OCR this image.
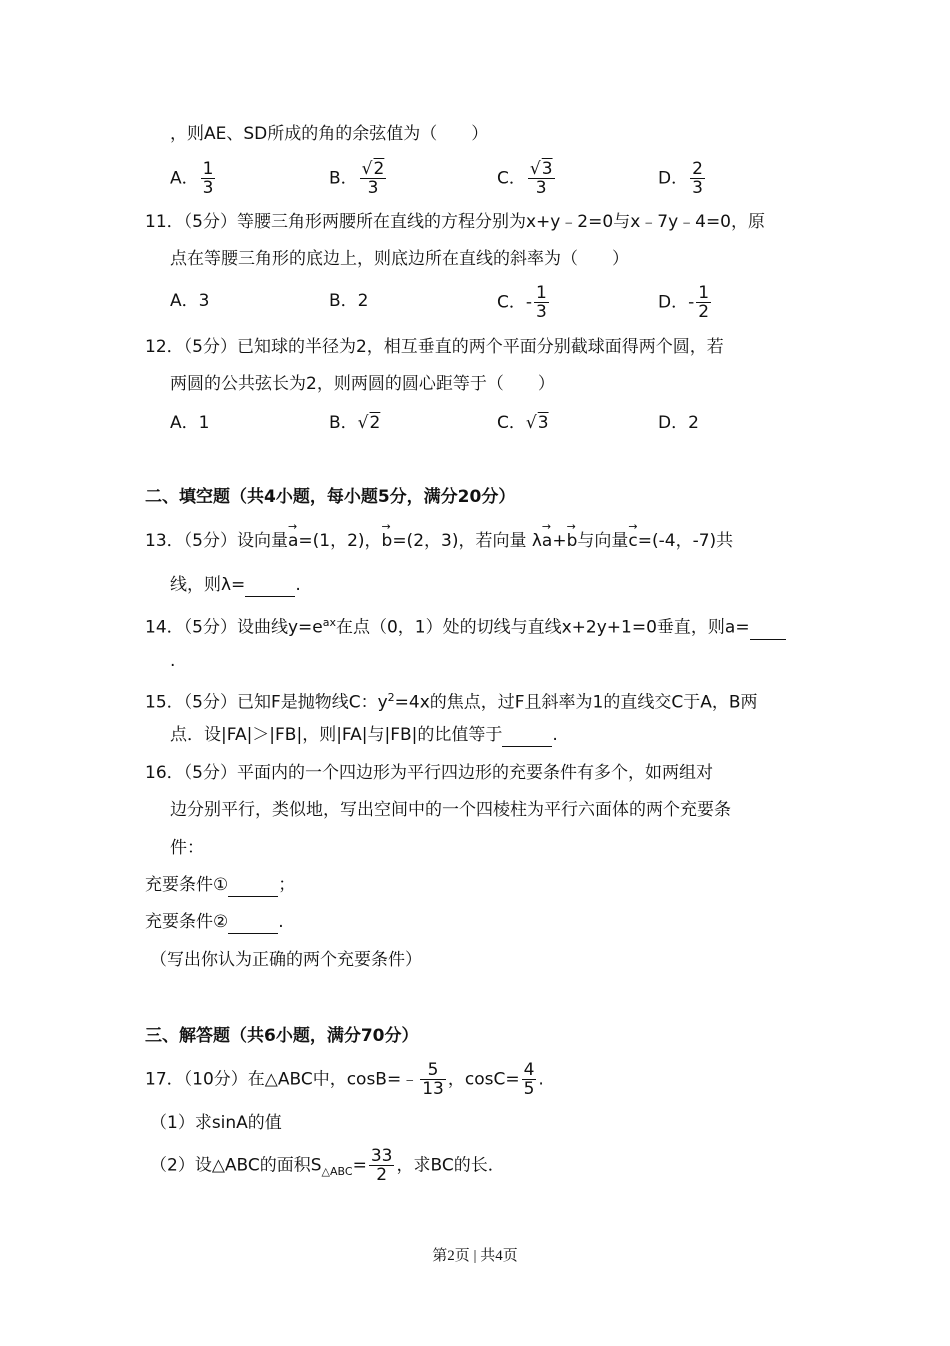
，则AE、SD所成的角的余弦值为（　　）
A． $\frac{1}{3}$	B． $\frac{√2}{3}$	C． $\frac{√3}{3}$	D． $\frac{2}{3}$
11．（5分）等腰三角形两腰所在直线的方程分别为x+y﹣2=0与x﹣7y﹣4=0，原
点在等腰三角形的底边上，则底边所在直线的斜率为（　　）
A．3	B．2	C．- $\frac{1}{3}$	D．- $\frac{1}{2}$
12．（5分）已知球的半径为2，相互垂直的两个平面分别截球面得两个圆，若
两圆的公共弦长为2，则两圆的圆心距等于（　　）
A．1	B．√2	C．√3	D．2
二、填空题（共4小题，每小题5分，满分20分）
13．（5分）设向量→ a=(1，2)，→ b=(2，3)，若向量 λ→ a+→ b与向量→ c=(-4，-7)共
线，则λ=	.
14．（5分）设曲线$y=e^{ax}$在点（0，1）处的切线与直线x+2y+1=0垂直，则a=
.
15．（5分）已知F是抛物线C：$y^2=4x$的焦点，过F且斜率为1的直线交C于A，B两
点．设|FA|＞|FB|，则|FA|与|FB|的比值等于	.
16．（5分）平面内的一个四边形为平行四边形的充要条件有多个，如两组对
边分别平行，类似地，写出空间中的一个四棱柱为平行六面体的两个充要条
件：
充要条件①	；
充要条件②	.
（写出你认为正确的两个充要条件）
三、解答题（共6小题，满分70分）
17．（10分）在△ABC中，cosB=﹣ $\frac{5}{13}$ ，$\cos C= \frac{4}{5}$ .
（1）求sinA的值
（2）设△ABC的面积$S_{\triangle ABC}= \frac{33}{2}$ ，求BC的长．
第2页 | 共4页
